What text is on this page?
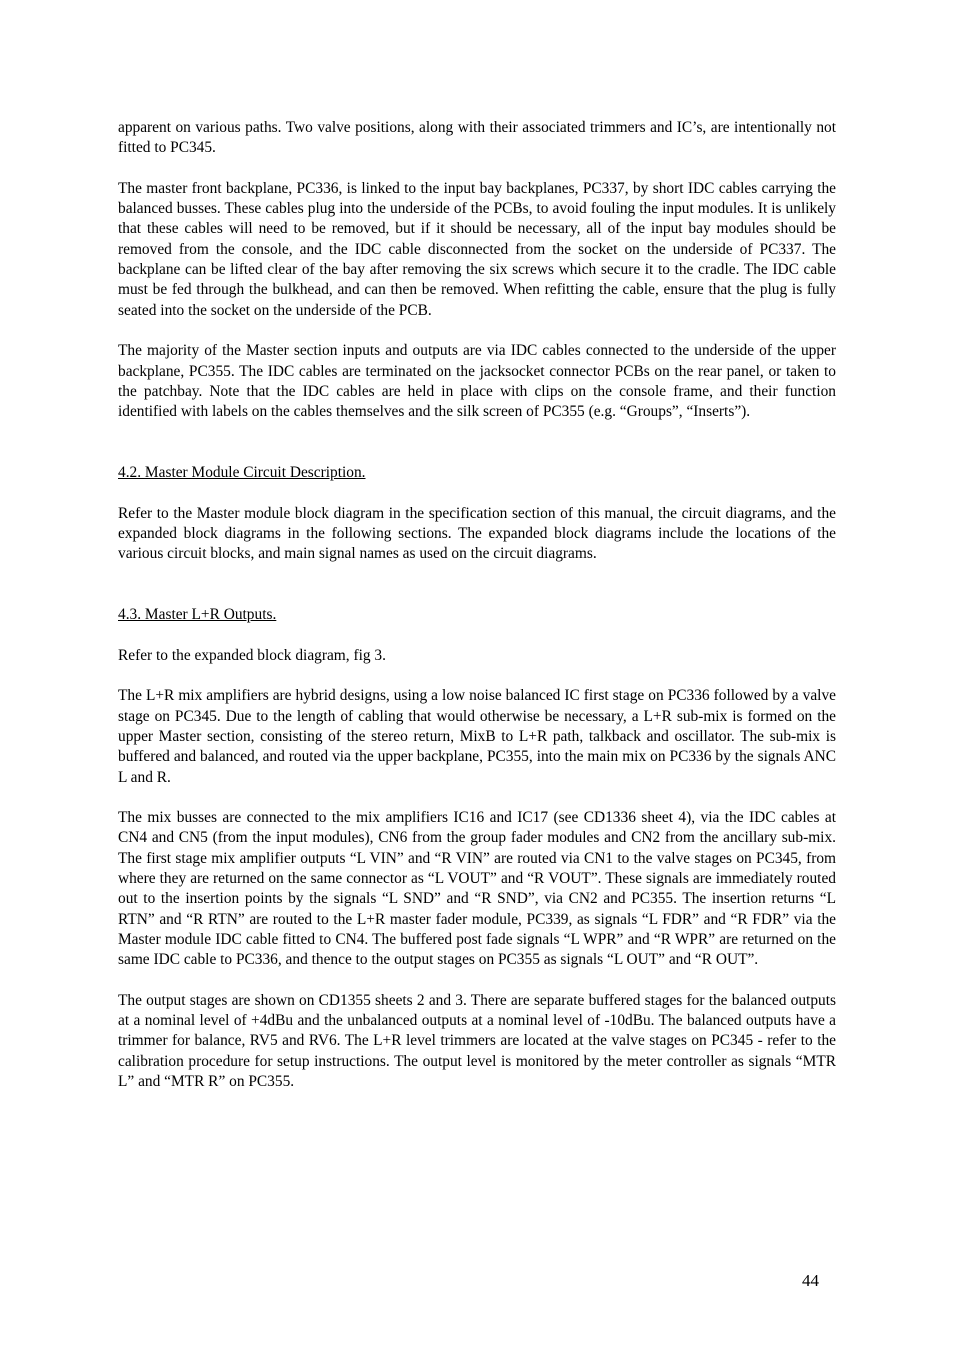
apparent on various paths. Two valve positions, along with their associated trimmers and IC’s, are intentionally not fitted to PC345.

The master front backplane, PC336, is linked to the input bay backplanes, PC337, by short IDC cables carrying the balanced busses. These cables plug into the underside of the PCBs, to avoid fouling the input modules. It is unlikely that these cables will need to be removed, but if it should be necessary, all of the input bay modules should be removed from the console, and the IDC cable disconnected from the socket on the underside of PC337. The backplane can be lifted clear of the bay after removing the six screws which secure it to the cradle. The IDC cable must be fed through the bulkhead, and can then be removed. When refitting the cable, ensure that the plug is fully seated into the socket on the underside of the PCB.

The majority of the Master section inputs and outputs are via IDC cables connected to the underside of the upper backplane, PC355. The IDC cables are terminated on the jacksocket connector PCBs on the rear panel, or taken to the patchbay. Note that the IDC cables are held in place with clips on the console frame, and their function identified with labels on the cables themselves and the silk screen of PC355 (e.g. “Groups”, “Inserts”).

4.2. Master Module Circuit Description.

Refer to the Master module block diagram in the specification section of this manual, the circuit diagrams, and the expanded block diagrams in the following sections. The expanded block diagrams include the locations of the various circuit blocks, and main signal names as used on the circuit diagrams.

4.3. Master L+R Outputs.

Refer to the expanded block diagram, fig 3.

The L+R mix amplifiers are hybrid designs, using a low noise balanced IC first stage on PC336 followed by a valve stage on PC345. Due to the length of cabling that would otherwise be necessary, a L+R sub-mix is formed on the upper Master section, consisting of the stereo return, MixB to L+R path, talkback and oscillator. The sub-mix is buffered and balanced, and routed via the upper backplane, PC355, into the main mix on PC336 by the signals ANC L and R.

The mix busses are connected to the mix amplifiers IC16 and IC17 (see CD1336 sheet 4), via the IDC cables at CN4 and CN5 (from the input modules), CN6 from the group fader modules and CN2 from the ancillary sub-mix. The first stage mix amplifier outputs “L VIN” and “R VIN” are routed via CN1 to the valve stages on PC345, from where they are returned on the same connector as “L VOUT” and “R VOUT”. These signals are immediately routed out to the insertion points by the signals “L SND” and “R SND”, via CN2 and PC355. The insertion returns “L RTN” and “R RTN” are routed to the L+R master fader module, PC339, as signals “L FDR” and “R FDR” via the Master module IDC cable fitted to CN4. The buffered post fade signals “L WPR” and “R WPR” are returned on the same IDC cable to PC336, and thence to the output stages on PC355 as signals “L OUT” and “R OUT”.

The output stages are shown on CD1355 sheets 2 and 3. There are separate buffered stages for the balanced outputs at a nominal level of +4dBu and the unbalanced outputs at a nominal level of -10dBu. The balanced outputs have a trimmer for balance, RV5 and RV6. The L+R level trimmers are located at the valve stages on PC345 - refer to the calibration procedure for setup instructions. The output level is monitored by the meter controller as signals “MTR L” and “MTR R” on PC355.

44
